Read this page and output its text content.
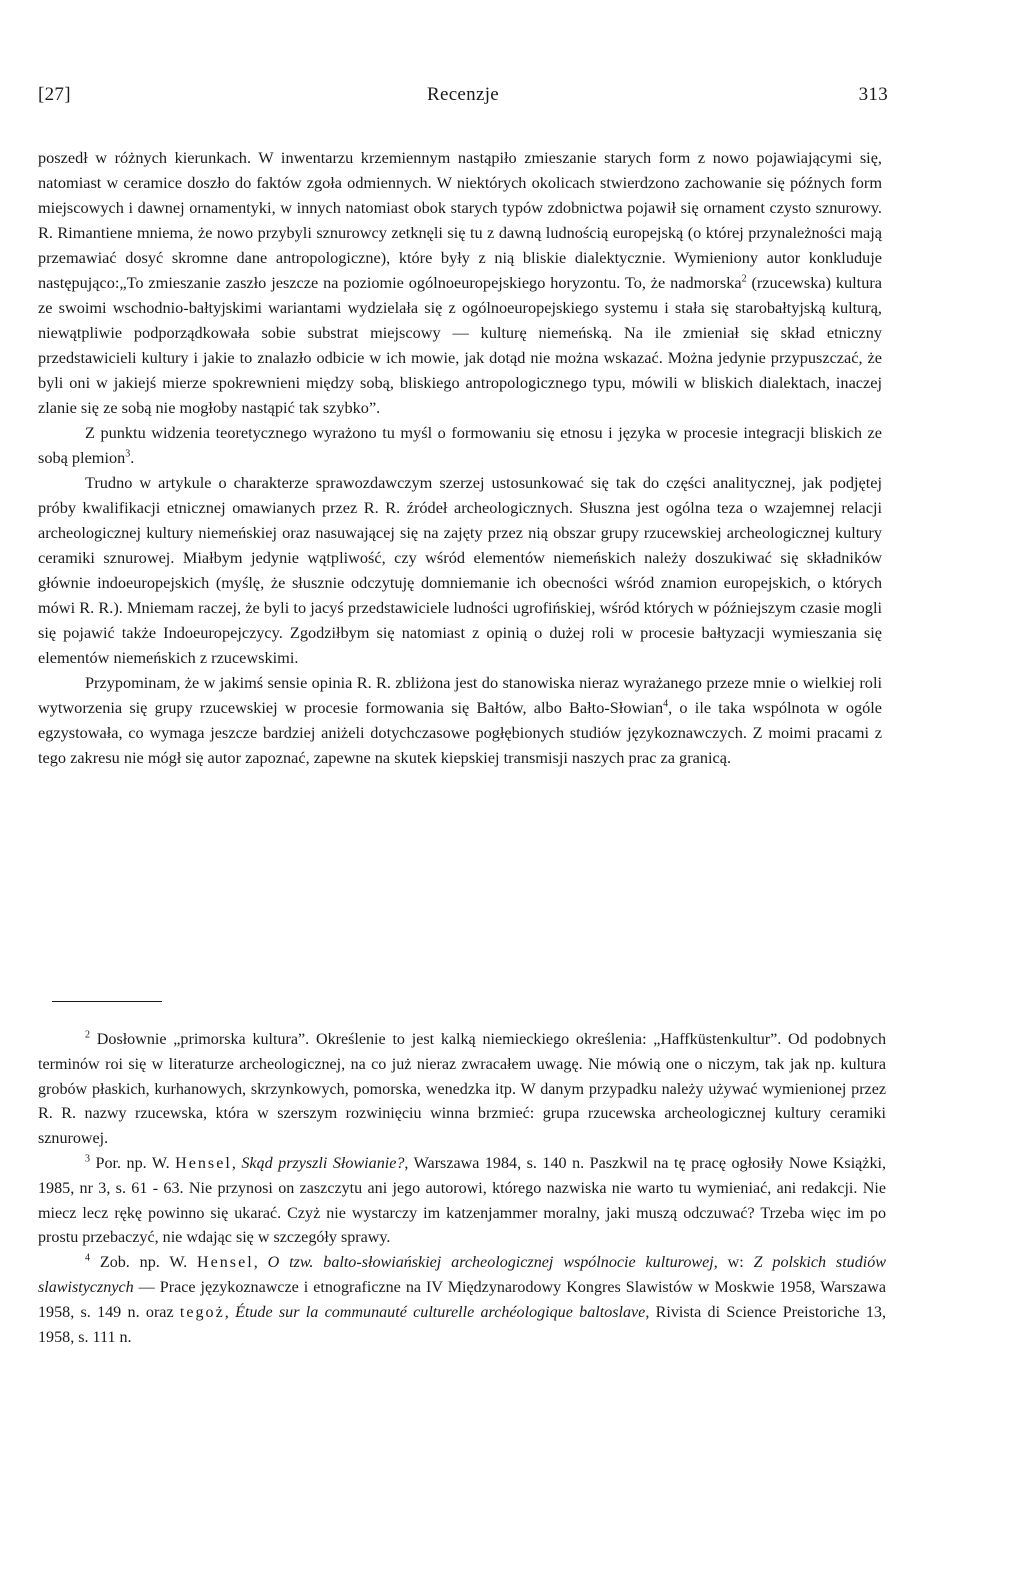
[27]	Recenzje	313

poszedł w różnych kierunkach. W inwentarzu krzemiennym nastąpiło zmieszanie starych form z nowo pojawiającymi się, natomiast w ceramice doszło do faktów zgoła odmiennych. W niektórych okolicach stwierdzono zachowanie się późnych form miejscowych i dawnej ornamentyki, w innych natomiast obok starych typów zdobnictwa pojawił się ornament czysto sznurowy. R. Rimantiene mniema, że nowo przybyli sznurowcy zetknęli się tu z dawną ludnością europejską (o której przynależności mają przemawiać dosyć skromne dane antropologiczne), które były z nią bliskie dialektycznie. Wymieniony autor konkluduje następująco:„To zmieszanie zaszło jeszcze na poziomie ogólnoeuropejskiego horyzontu. To, że nadmorska$^2$ (rzucewska) kultura ze swoimi wschodnio-bałtyjskimi wariantami wydzielała się z ogólnoeuropejskiego systemu i stała się starobałtyjską kulturą, niewątpliwie podporządkowała sobie substrat miejscowy — kulturę niemeńską. Na ile zmieniał się skład etniczny przedstawicieli kultury i jakie to znalazło odbicie w ich mowie, jak dotąd nie można wskazać. Można jedynie przypuszczać, że byli oni w jakiejś mierze spokrewnieni między sobą, bliskiego antropologicznego typu, mówili w bliskich dialektach, inaczej zlanie się ze sobą nie mogłoby nastąpić tak szybko”.

Z punktu widzenia teoretycznego wyrażono tu myśl o formowaniu się etnosu i języka w procesie integracji bliskich ze sobą plemion$^3$.

Trudno w artykule o charakterze sprawozdawczym szerzej ustosunkować się tak do części analitycznej, jak podjętej próby kwalifikacji etnicznej omawianych przez R. R. źródeł archeologicznych. Słuszna jest ogólna teza o wzajemnej relacji archeologicznej kultury niemeńskiej oraz nasuwającej się na zajęty przez nią obszar grupy rzucewskiej archeologicznej kultury ceramiki sznurowej. Miałbym jedynie wątpliwość, czy wśród elementów niemeńskich należy doszukiwać się składników głównie indoeuropejskich (myślę, że słusznie odczytuję domniemanie ich obecności wśród znamion europejskich, o których mówi R. R.). Mniemam raczej, że byli to jacyś przedstawiciele ludności ugrofińskiej, wśród których w późniejszym czasie mogli się pojawić także Indoeuropejczycy. Zgodziłbym się natomiast z opinią o dużej roli w procesie bałtyzacji wymieszania się elementów niemeńskich z rzucewskimi.

Przypominam, że w jakimś sensie opinia R. R. zbliżona jest do stanowiska nieraz wyrażanego przeze mnie o wielkiej roli wytworzenia się grupy rzucewskiej w procesie formowania się Bałtów, albo Bałto-Słowian$^4$, o ile taka wspólnota w ogóle egzystowała, co wymaga jeszcze bardziej aniżeli dotychczasowe pogłębionych studiów językoznawczych. Z moimi pracami z tego zakresu nie mógł się autor zapoznać, zapewne na skutek kiepskiej transmisji naszych prac za granicą.

$^2$ Dosłownie „primorska kultura”. Określenie to jest kalką niemieckiego określenia: „Haffküstenkultur”. Od podobnych terminów roi się w literaturze archeologicznej, na co już nieraz zwracałem uwagę. Nie mówią one o niczym, tak jak np. kultura grobów płaskich, kurhanowych, skrzynkowych, pomorska, wenedzka itp. W danym przypadku należy używać wymienionej przez R. R. nazwy rzucewska, która w szerszym rozwinięciu winna brzmieć: grupa rzucewska archeologicznej kultury ceramiki sznurowej.

$^3$ Por. np. W. Hensel, Skąd przyszli Słowianie?, Warszawa 1984, s. 140 n. Paszkwil na tę pracę ogłosiły Nowe Książki, 1985, nr 3, s. 61 - 63. Nie przynosi on zaszczytu ani jego autorowi, którego nazwiska nie warto tu wymieniać, ani redakcji. Nie miecz lecz rękę powinno się ukarać. Czyż nie wystarczy im katzenjammer moralny, jaki muszą odczuwać? Trzeba więc im po prostu przebaczyć, nie wdając się w szczegóły sprawy.

$^4$ Zob. np. W. Hensel, O tzw. balto-słowiańskiej archeologicznej wspólnocie kulturowej, w: Z polskich studiów slawistycznych — Prace językoznawcze i etnograficzne na IV Międzynarodowy Kongres Slawistów w Moskwie 1958, Warszawa 1958, s. 149 n. oraz tegoż, Étude sur la communauté culturelle archéologique baltoslave, Rivista di Science Preistoriche 13, 1958, s. 111 n.
